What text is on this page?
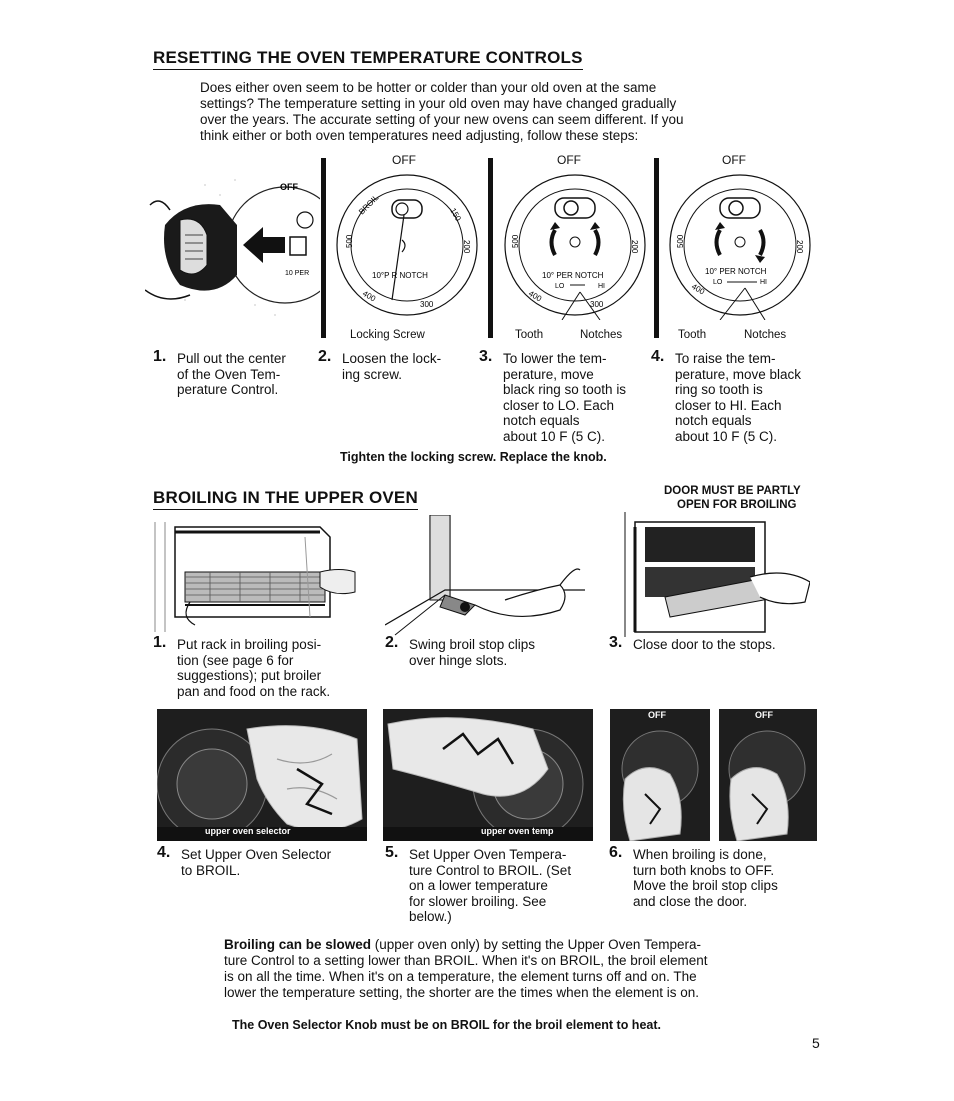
RESETTING THE OVEN TEMPERATURE CONTROLS
Does either oven seem to be hotter or colder than your old oven at the same
settings? The temperature setting in your old oven may have changed gradually
over the years. The accurate setting of your new ovens can seem different. If you
think either or both oven temperatures need adjusting, follow these steps:
OFF
10 PER
OFF
10°P R NOTCH
500	200
400
300
BROIL	150
Locking Screw
OFF
10° PER NOTCH
LO	HI
500	200
400
300
Tooth	Notches
OFF
10° PER NOTCH
LO	HI
500	200
400
Tooth	Notches
1. Pull out the center
of the Oven Tem-
perature Control.
2. Loosen the lock-
ing screw.
3. To lower the tem-
perature, move
black ring so tooth is
closer to LO. Each
notch equals
about 10 F (5 C).
4. To raise the tem-
perature, move black
ring so tooth is
closer to HI. Each
notch equals
about 10 F (5 C).
Tighten the locking screw. Replace the knob.
BROILING IN THE UPPER OVEN	DOOR MUST BE PARTLY
OPEN FOR BROILING
1. Put rack in broiling posi-
tion (see page 6 for
suggestions); put broiler
pan and food on the rack.
2. Swing broil stop clips
over hinge slots.
3. Close door to the stops.
upper oven selector	upper oven temp
OFF	OFF
4. Set Upper Oven Selector
to BROIL.
5. Set Upper Oven Tempera-
ture Control to BROIL. (Set
on a lower temperature
for slower broiling. See
below.)
6. When broiling is done,
turn both knobs to OFF.
Move the broil stop clips
and close the door.
Broiling can be slowed (upper oven only) by setting the Upper Oven Tempera-
ture Control to a setting lower than BROIL. When it's on BROIL, the broil element
is on all the time. When it's on a temperature, the element turns off and on. The
lower the temperature setting, the shorter are the times when the element is on.
The Oven Selector Knob must be on BROIL for the broil element to heat.
5
